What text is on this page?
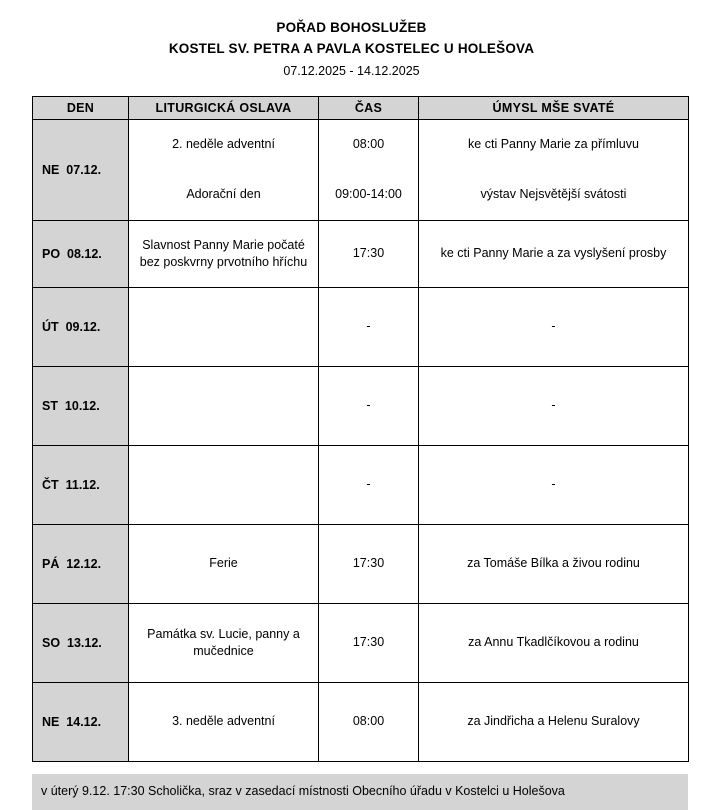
POŘAD BOHOSLUŽEB
KOSTEL SV. PETRA A PAVLA KOSTELEC U HOLEŠOVA
07.12.2025 - 14.12.2025
DEN	LITURGICKÁ OSLAVA	ČAS	ÚMYSL MŠE SVATÉ
NE  07.12.	2. neděle adventní	08:00	ke cti Panny Marie za přímluvu
	Adorační den	09:00-14:00	výstav Nejsvětější svátosti
PO  08.12.	Slavnost Panny Marie počaté bez poskvrny prvotního hříchu	17:30	ke cti Panny Marie a za vyslyšení prosby
ÚT  09.12.		-	-
ST  10.12.		-	-
ČT  11.12.		-	-
PÁ  12.12.	Ferie	17:30	za Tomáše Bílka a živou rodinu
SO  13.12.	Památka sv. Lucie, panny a mučednice	17:30	za Annu Tkadlčíkovou a rodinu
NE  14.12.	3. neděle adventní	08:00	za Jindřicha a Helenu Suralovy
v úterý 9.12. 17:30 Scholička, sraz v zasedací místnosti Obecního úřadu v Kostelci u Holešova
